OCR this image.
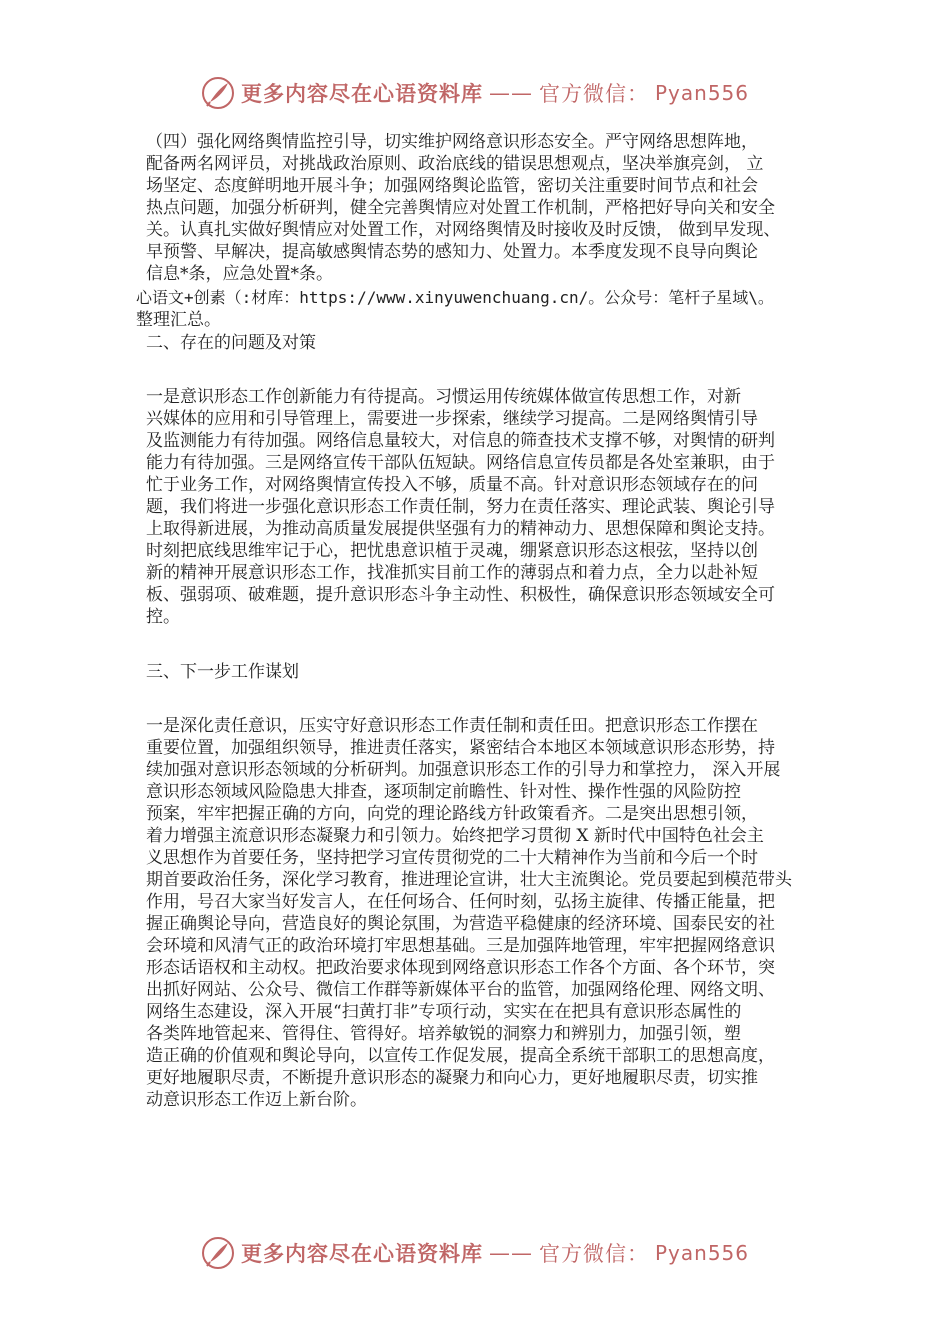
更多内容尽在心语资料库 —— 官方微信： Pyan556
（四）强化网络舆情监控引导，切实维护网络意识形态安全。严守网络思想阵地，
配备两名网评员，对挑战政治原则、政治底线的错误思想观点，坚决举旗亮剑， 立
场坚定、态度鲜明地开展斗争；加强网络舆论监管，密切关注重要时间节点和社会
热点问题，加强分析研判，健全完善舆情应对处置工作机制，严格把好导向关和安全
关。认真扎实做好舆情应对处置工作，对网络舆情及时接收及时反馈， 做到早发现、
早预警、早解决，提高敏感舆情态势的感知力、处置力。本季度发现不良导向舆论
信息*条，应急处置*条。
心语文+创素（:材库：https://www.xinyuwenchuang.cn/。公众号：笔杆子星域\。
整理汇总。
二、存在的问题及对策
一是意识形态工作创新能力有待提高。习惯运用传统媒体做宣传思想工作，对新
兴媒体的应用和引导管理上，需要进一步探索，继续学习提高。二是网络舆情引导
及监测能力有待加强。网络信息量较大，对信息的筛查技术支撑不够，对舆情的研判
能力有待加强。三是网络宣传干部队伍短缺。网络信息宣传员都是各处室兼职，由于
忙于业务工作，对网络舆情宣传投入不够，质量不高。针对意识形态领域存在的问
题，我们将进一步强化意识形态工作责任制，努力在责任落实、理论武装、舆论引导
上取得新进展，为推动高质量发展提供坚强有力的精神动力、思想保障和舆论支持。
时刻把底线思维牢记于心，把忧患意识植于灵魂，绷紧意识形态这根弦，坚持以创
新的精神开展意识形态工作，找准抓实目前工作的薄弱点和着力点，全力以赴补短
板、强弱项、破难题，提升意识形态斗争主动性、积极性，确保意识形态领域安全可
控。
三、下一步工作谋划
一是深化责任意识，压实守好意识形态工作责任制和责任田。把意识形态工作摆在
重要位置，加强组织领导，推进责任落实，紧密结合本地区本领域意识形态形势，持
续加强对意识形态领域的分析研判。加强意识形态工作的引导力和掌控力， 深入开展
意识形态领域风险隐患大排查，逐项制定前瞻性、针对性、操作性强的风险防控
预案，牢牢把握正确的方向，向党的理论路线方针政策看齐。二是突出思想引领，
着力增强主流意识形态凝聚力和引领力。始终把学习贯彻 X 新时代中国特色社会主
义思想作为首要任务，坚持把学习宣传贯彻党的二十大精神作为当前和今后一个时
期首要政治任务，深化学习教育，推进理论宣讲，壮大主流舆论。党员要起到模范带头
作用，号召大家当好发言人，在任何场合、任何时刻，弘扬主旋律、传播正能量，把
握正确舆论导向，营造良好的舆论氛围，为营造平稳健康的经济环境、国泰民安的社
会环境和风清气正的政治环境打牢思想基础。三是加强阵地管理，牢牢把握网络意识
形态话语权和主动权。把政治要求体现到网络意识形态工作各个方面、各个环节，突
出抓好网站、公众号、微信工作群等新媒体平台的监管，加强网络伦理、网络文明、
网络生态建设，深入开展“扫黄打非”专项行动，实实在在把具有意识形态属性的
各类阵地管起来、管得住、管得好。培养敏锐的洞察力和辨别力，加强引领，塑
造正确的价值观和舆论导向，以宣传工作促发展，提高全系统干部职工的思想高度，
更好地履职尽责，不断提升意识形态的凝聚力和向心力，更好地履职尽责，切实推
动意识形态工作迈上新台阶。
更多内容尽在心语资料库 —— 官方微信： Pyan556
